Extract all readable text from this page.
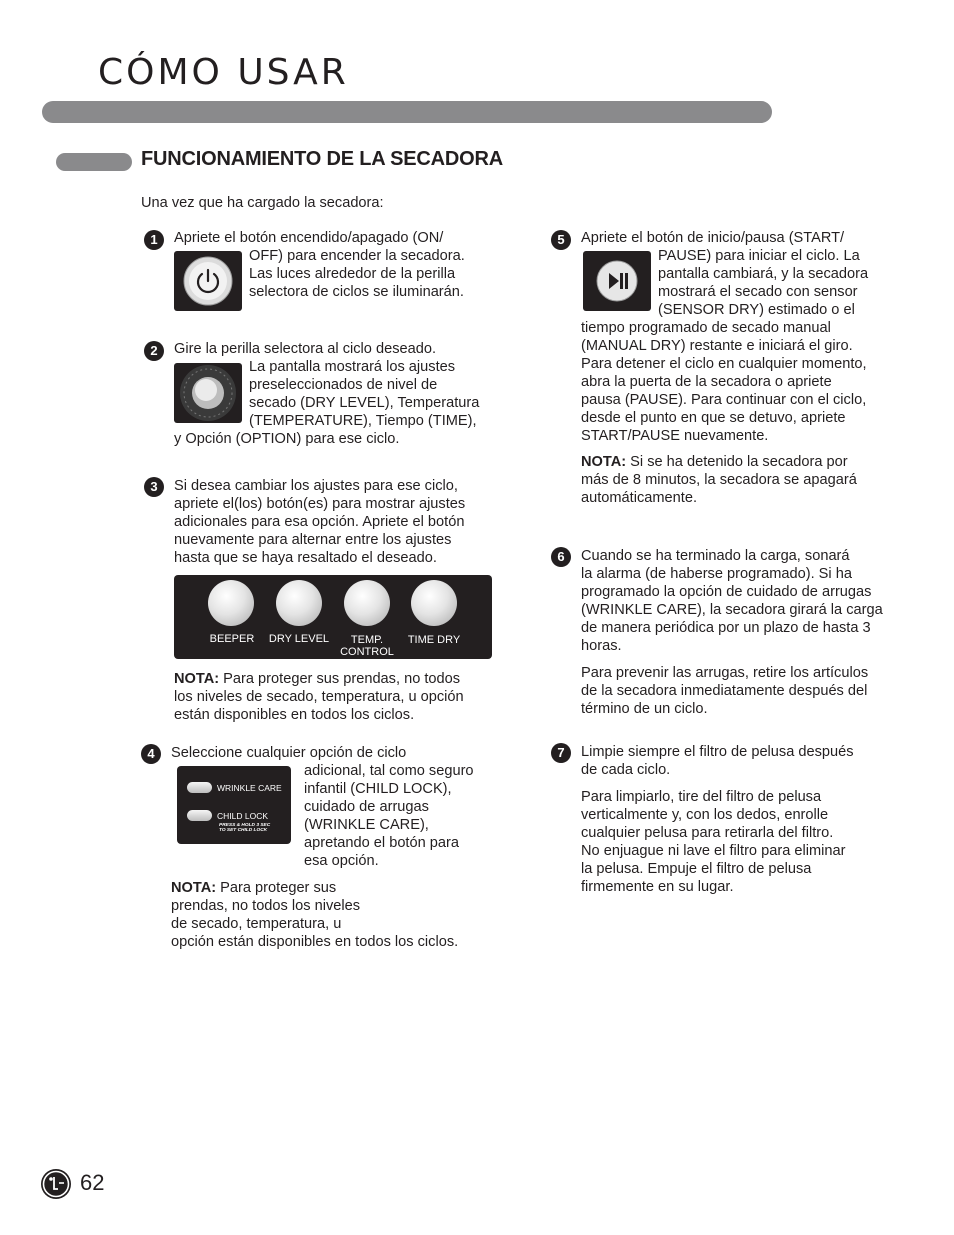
CÓMO USAR
FUNCIONAMIENTO DE LA SECADORA
Una vez que ha cargado la secadora:
1	Apriete el botón encendido/apagado (ON/
OFF) para encender la secadora.
Las luces alrededor de la perilla
selectora de ciclos se iluminarán.
2	Gire la perilla selectora al ciclo deseado.
La pantalla mostrará los ajustes
preseleccionados de nivel de
secado (DRY LEVEL), Temperatura
(TEMPERATURE), Tiempo (TIME),
y Opción (OPTION) para ese ciclo.
3	Si desea cambiar los ajustes para ese ciclo,
apriete el(los) botón(es) para mostrar ajustes
adicionales para esa opción. Apriete el botón
nuevamente para alternar entre los ajustes
hasta que se haya resaltado el deseado.
BEEPER	DRY LEVEL	TEMP.
CONTROL
TIME DRY
NOTA: Para proteger sus prendas, no todos
los niveles de secado, temperatura, u opción
están disponibles en todos los ciclos.
4	Seleccione cualquier opción de ciclo
adicional, tal como seguro
infantil (CHILD LOCK),
cuidado de arrugas
(WRINKLE CARE),
apretando el botón para
esa opción.
WRINKLE CARE
CHILD LOCK
PRESS & HOLD 3 SEC
TO SET CHILD LOCK
NOTA: Para proteger sus
prendas, no todos los niveles
de secado, temperatura, u
opción están disponibles en todos los ciclos.
5	Apriete el botón de inicio/pausa (START/
PAUSE) para iniciar el ciclo. La
pantalla cambiará, y la secadora
mostrará el secado con sensor
(SENSOR DRY) estimado o el
tiempo programado de secado manual
(MANUAL DRY) restante e iniciará el giro.
Para detener el ciclo en cualquier momento,
abra la puerta de la secadora o apriete
pausa (PAUSE). Para continuar con el ciclo,
desde el punto en que se detuvo, apriete
START/PAUSE nuevamente.
NOTA: Si se ha detenido la secadora por
más de 8 minutos, la secadora se apagará
automáticamente.
6	Cuando se ha terminado la carga, sonará
la alarma (de haberse programado). Si ha
programado la opción de cuidado de arrugas
(WRINKLE CARE), la secadora girará la carga
de manera periódica por un plazo de hasta 3
horas.
Para prevenir las arrugas, retire los artículos
de la secadora inmediatamente después del
término de un ciclo.
7	Limpie siempre el filtro de pelusa después
de cada ciclo.
Para limpiarlo, tire del filtro de pelusa
verticalmente y, con los dedos, enrolle
cualquier pelusa para retirarla del filtro.
No enjuague ni lave el filtro para eliminar
la pelusa. Empuje el filtro de pelusa
firmemente en su lugar.
62
